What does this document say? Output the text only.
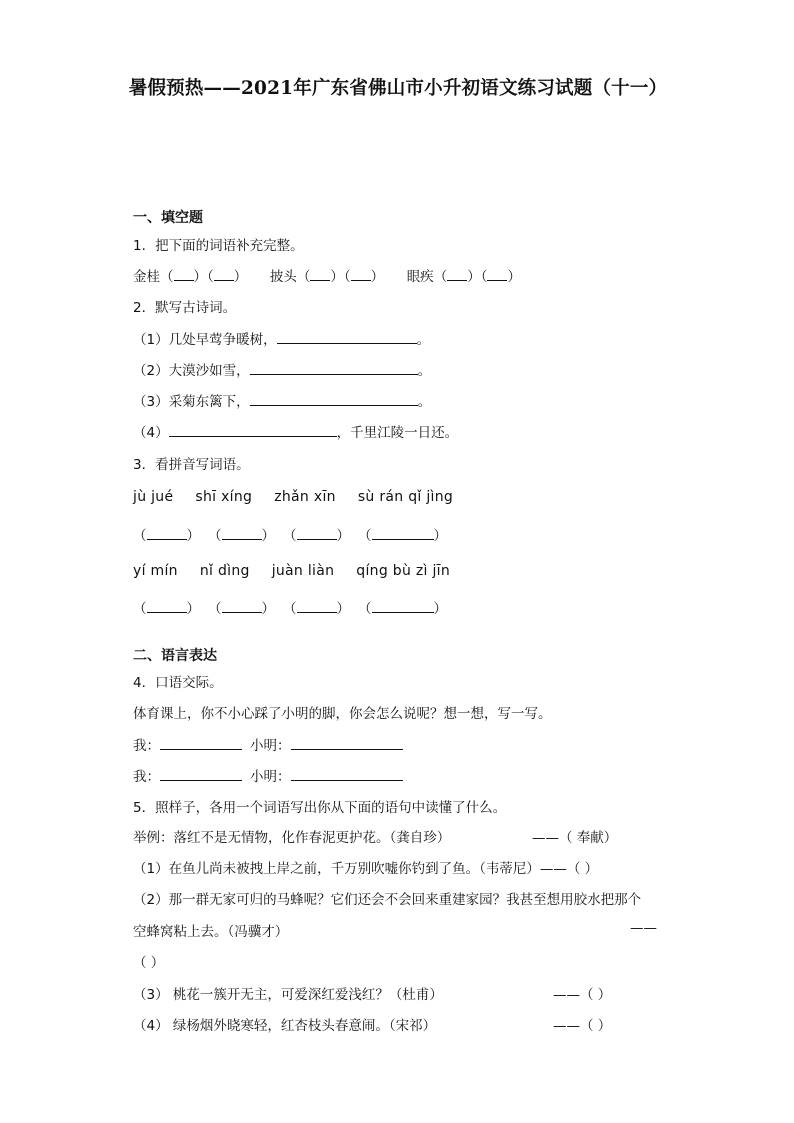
暑假预热——2021年广东省佛山市小升初语文练习试题（十一）
一、填空题
1．把下面的词语补充完整。
金桂（ ）（ ） 披头（ ）（ ） 眼疾（ ）（ ）
2．默写古诗词。
（1）几处早莺争暖树，	。
（2）大漠沙如雪，	。
（3）采菊东篱下，	。
（4）	，千里江陵一日还。
3．看拼音写词语。
jù jué shī xíng zhǎn xīn sù rán qǐ jìng
（	） （	） （	） （	）
yí mín nǐ dìng juàn liàn qíng bù zì jīn
（	） （	） （	） （	）
二、语言表达
4．口语交际。
体育课上，你不小心踩了小明的脚，你会怎么说呢？想一想，写一写。
我：	小明：
我：	小明：
5．照样子，各用一个词语写出你从下面的语句中读懂了什么。
举例：落红不是无情物，化作春泥更护花。（龚自珍）	——（ 奉献）
（1）在鱼儿尚未被拽上岸之前，千万别吹嘘你钓到了鱼。（韦蒂尼）——（ ）
（2）那一群无家可归的马蜂呢？它们还会不会回来重建家园？我甚至想用胶水把那个
空蜂窝粘上去。（冯骥才）	——
（ ）
（3） 桃花一簇开无主，可爱深红爱浅红？（杜甫）	——（ ）
（4） 绿杨烟外晓寒轻，红杏枝头春意闹。（宋祁）	——（ ）
